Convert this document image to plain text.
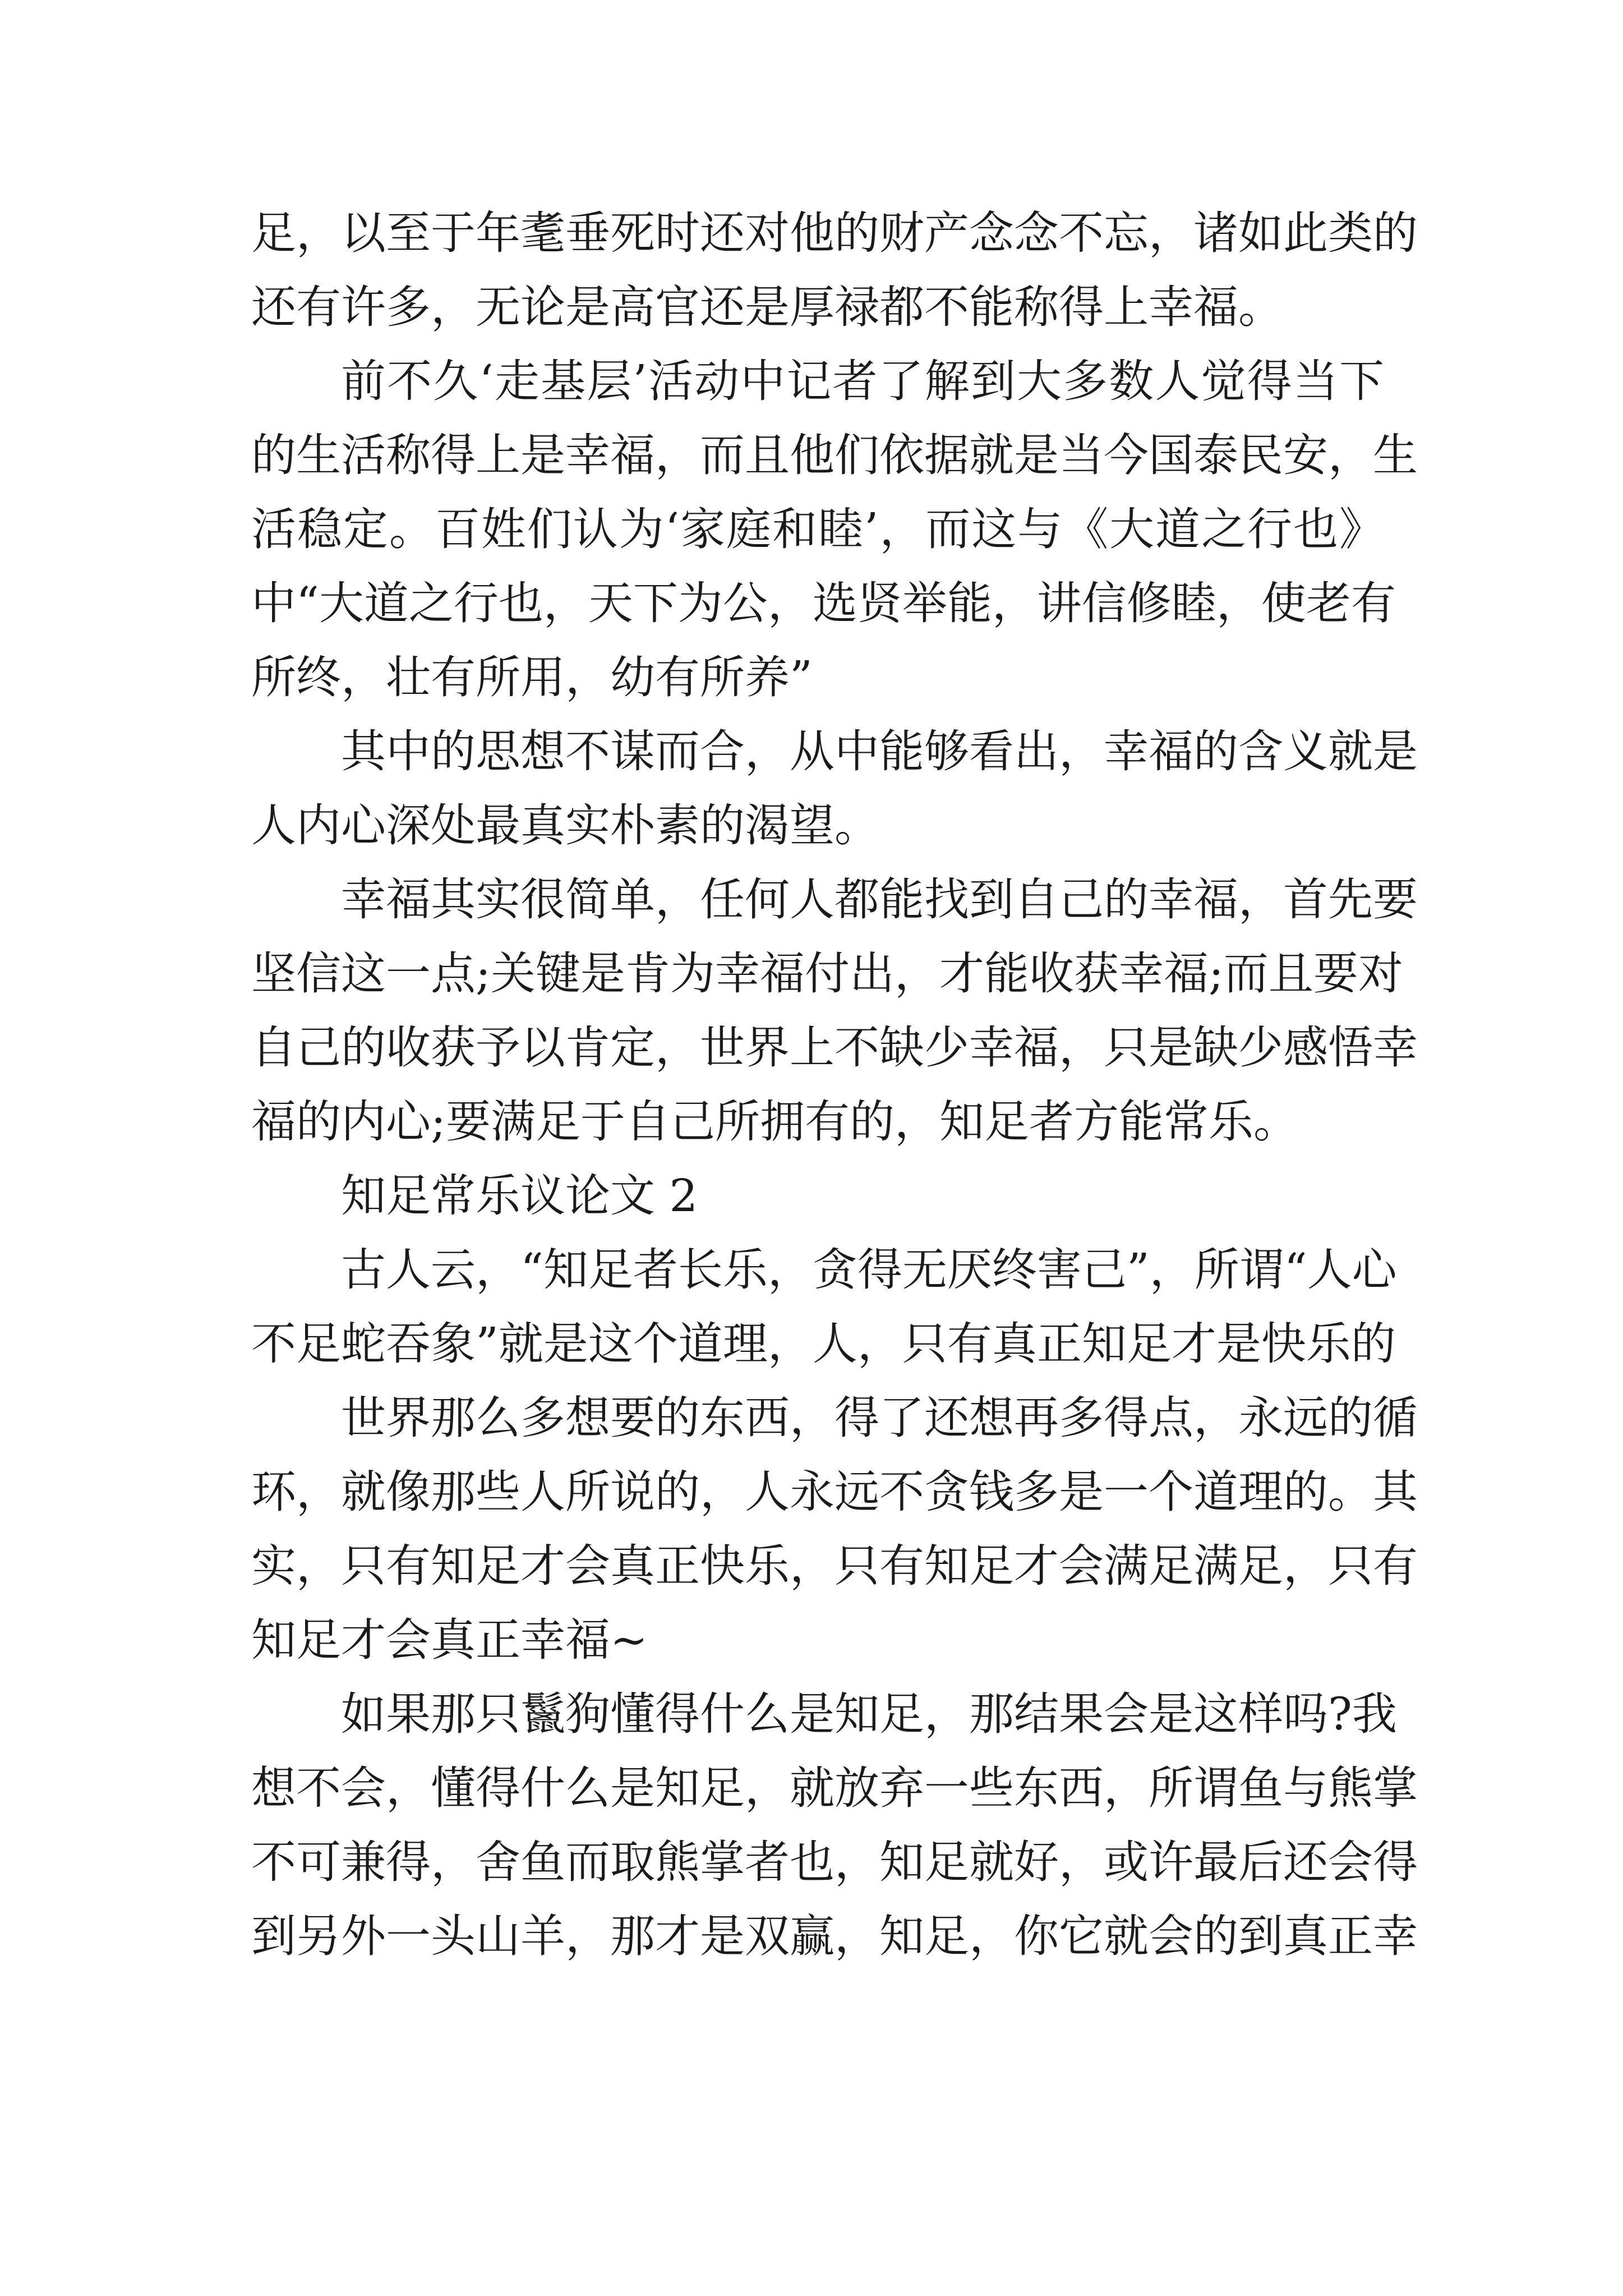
足，以至于年耄垂死时还对他的财产念念不忘，诸如此类的
还有许多，无论是高官还是厚禄都不能称得上幸福。
前不久‘走基层’活动中记者了解到大多数人觉得当下
的生活称得上是幸福，而且他们依据就是当今国泰民安，生
活稳定。百姓们认为‘家庭和睦’，而这与《大道之行也》
中“大道之行也，天下为公，选贤举能，讲信修睦，使老有
所终，壮有所用，幼有所养”
其中的思想不谋而合，从中能够看出，幸福的含义就是
人内心深处最真实朴素的渴望。
幸福其实很简单，任何人都能找到自己的幸福，首先要
坚信这一点;关键是肯为幸福付出，才能收获幸福;而且要对
自己的收获予以肯定，世界上不缺少幸福，只是缺少感悟幸
福的内心;要满足于自己所拥有的，知足者方能常乐。
知足常乐议论文 2
古人云，“知足者长乐，贪得无厌终害己”，所谓“人心
不足蛇吞象”就是这个道理，人，只有真正知足才是快乐的
世界那么多想要的东西，得了还想再多得点，永远的循
环，就像那些人所说的，人永远不贪钱多是一个道理的。其
实，只有知足才会真正快乐，只有知足才会满足满足，只有
知足才会真正幸福~
如果那只鬣狗懂得什么是知足，那结果会是这样吗?我
想不会，懂得什么是知足，就放弃一些东西，所谓鱼与熊掌
不可兼得，舍鱼而取熊掌者也，知足就好，或许最后还会得
到另外一头山羊，那才是双赢，知足，你它就会的到真正幸
